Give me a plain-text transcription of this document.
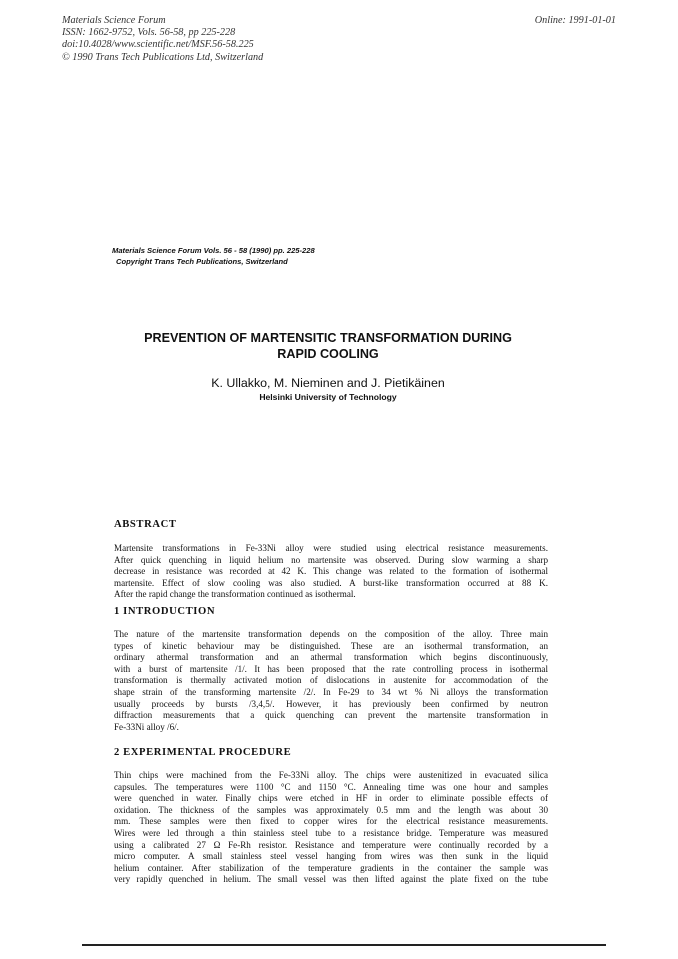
Materials Science Forum
ISSN: 1662-9752, Vols. 56-58, pp 225-228
doi:10.4028/www.scientific.net/MSF.56-58.225
© 1990 Trans Tech Publications Ltd, Switzerland
Online: 1991-01-01
Materials Science Forum Vols. 56 - 58 (1990) pp. 225-228
Copyright Trans Tech Publications, Switzerland
PREVENTION OF MARTENSITIC TRANSFORMATION DURING
RAPID COOLING
K. Ullakko, M. Nieminen and J. Pietikäinen
Helsinki University of Technology
ABSTRACT
Martensite transformations in Fe-33Ni alloy were studied using electrical resistance measurements.
After quick quenching in liquid helium no martensite was observed. During slow warming a sharp
decrease in resistance was recorded at 42 K. This change was related to the formation of isothermal
martensite. Effect of slow cooling was also studied. A burst-like transformation occurred at 88 K.
After the rapid change the transformation continued as isothermal.
1 INTRODUCTION
The nature of the martensite transformation depends on the composition of the alloy. Three main
types of kinetic behaviour may be distinguished. These are an isothermal transformation, an
ordinary athermal transformation and an athermal transformation which begins discontinuously,
with a burst of martensite /1/. It has been proposed that the rate controlling process in isothermal
transformation is thermally activated motion of dislocations in austenite for accommodation of the
shape strain of the transforming martensite /2/. In Fe-29 to 34 wt % Ni alloys the transformation
usually proceeds by bursts /3,4,5/. However, it has previously been confirmed by neutron
diffraction measurements that a quick quenching can prevent the martensite transformation in
Fe-33Ni alloy /6/.
2 EXPERIMENTAL PROCEDURE
Thin chips were machined from the Fe-33Ni alloy. The chips were austenitized in evacuated silica
capsules. The temperatures were 1100 °C and 1150 °C. Annealing time was one hour and samples
were quenched in water. Finally chips were etched in HF in order to eliminate possible effects of
oxidation. The thickness of the samples was approximately 0.5 mm and the length was about 30
mm. These samples were then fixed to copper wires for the electrical resistance measurements.
Wires were led through a thin stainless steel tube to a resistance bridge. Temperature was measured
using a calibrated 27 Ω Fe-Rh resistor. Resistance and temperature were continually recorded by a
micro computer. A small stainless steel vessel hanging from wires was then sunk in the liquid
helium container. After stabilization of the temperature gradients in the container the sample was
very rapidly quenched in helium. The small vessel was then lifted against the plate fixed on the tube
